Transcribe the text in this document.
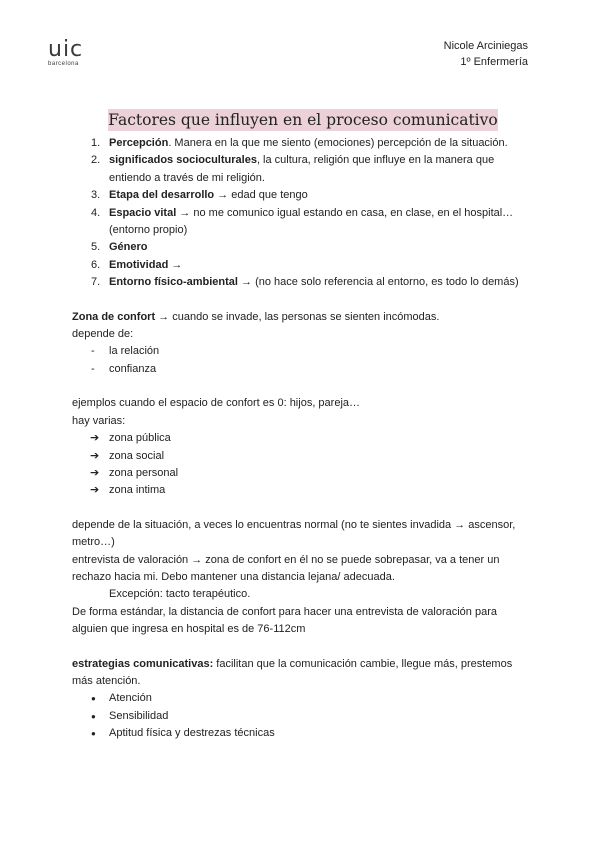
uic
barcelona
Nicole Arciniegas
1º Enfermería
Factores que influyen en el proceso comunicativo
1. Percepción. Manera en la que me siento (emociones) percepción de la situación.
2. significados socioculturales, la cultura, religión que influye en la manera que entiendo a través de mi religión.
3. Etapa del desarrollo → edad que tengo
4. Espacio vital → no me comunico igual estando en casa, en clase, en el hospital… (entorno propio)
5. Género
6. Emotividad →
7. Entorno físico-ambiental → (no hace solo referencia al entorno, es todo lo demás)
Zona de confort → cuando se invade, las personas se sienten incómodas.
depende de:
- la relación
- confianza
ejemplos cuando el espacio de confort es 0: hijos, pareja…
hay varias:
➔ zona pública
➔ zona social
➔ zona personal
➔ zona intima
depende de la situación, a veces lo encuentras normal (no te sientes invadida → ascensor, metro…)
entrevista de valoración → zona de confort en él no se puede sobrepasar, va a tener un rechazo hacia mi. Debo mantener una distancia lejana/ adecuada.
Excepción: tacto terapéutico.
De forma estándar, la distancia de confort para hacer una entrevista de valoración para alguien que ingresa en hospital es de 76-112cm
estrategias comunicativas: facilitan que la comunicación cambie, llegue más, prestemos más atención.
● Atención
● Sensibilidad
● Aptitud física y destrezas técnicas
